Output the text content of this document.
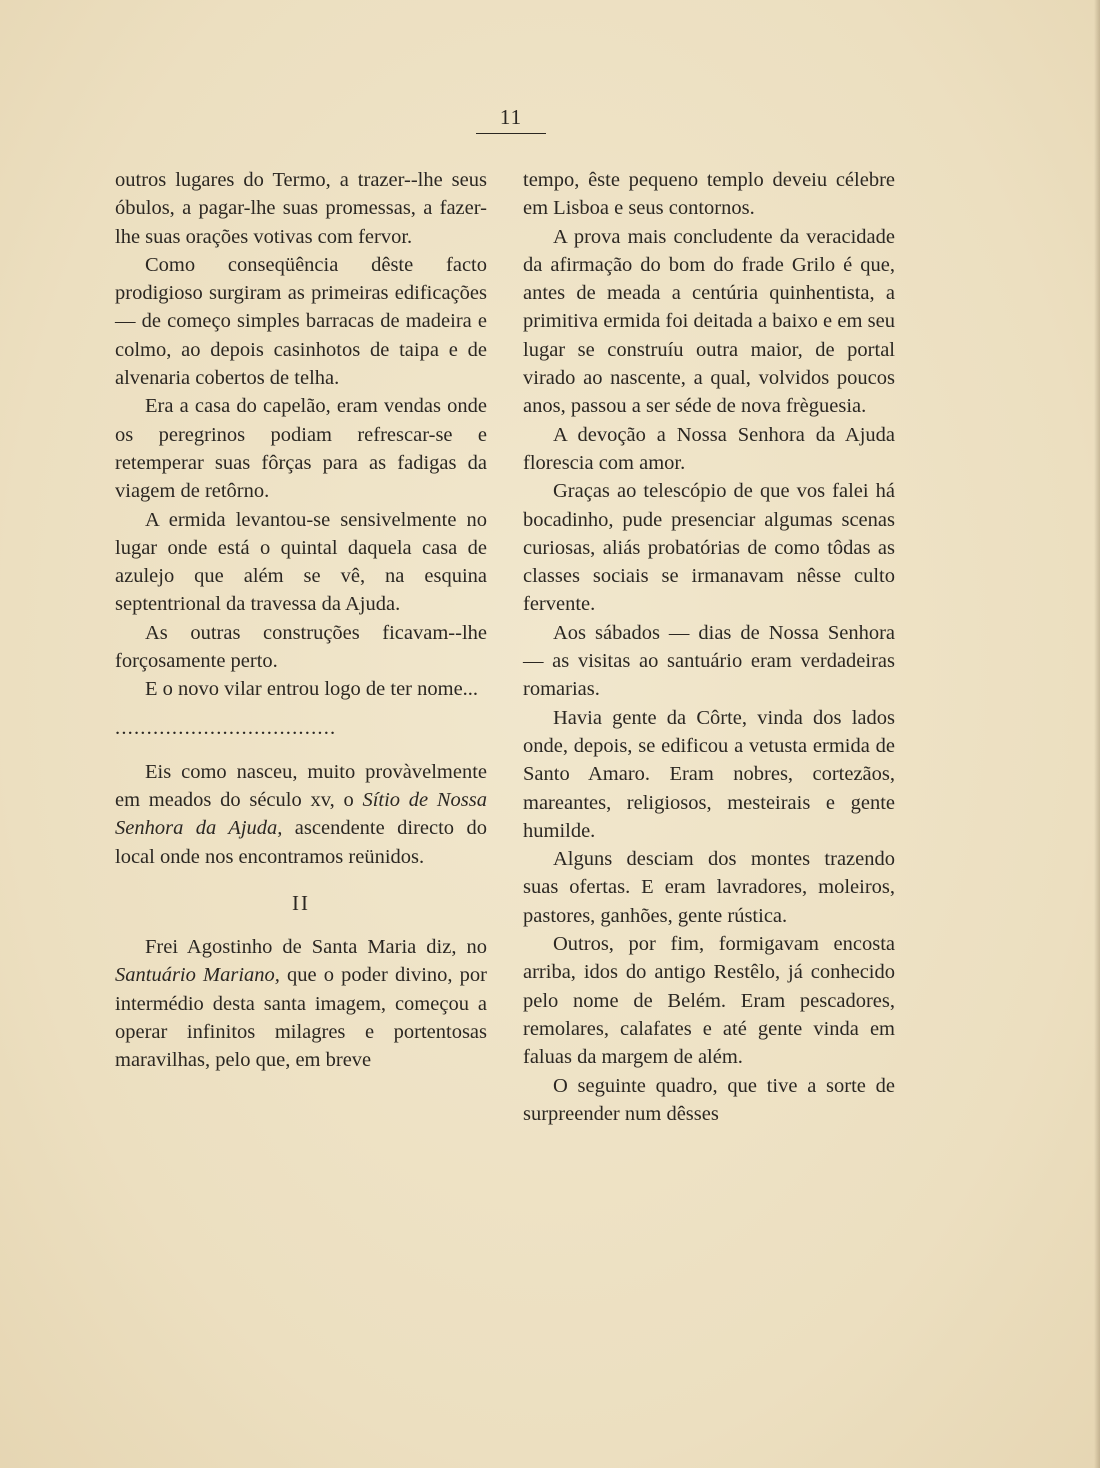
11

outros lugares do Termo, a trazer--lhe seus óbulos, a pagar-lhe suas promessas, a fazer-lhe suas orações votivas com fervor.

Como conseqüência dêste facto prodigioso surgiram as primeiras edificações — de começo simples barracas de madeira e colmo, ao depois casinhotos de taipa e de alvenaria cobertos de telha.

Era a casa do capelão, eram vendas onde os peregrinos podiam refrescar-se e retemperar suas fôrças para as fadigas da viagem de retôrno.

A ermida levantou-se sensivelmente no lugar onde está o quintal daquela casa de azulejo que além se vê, na esquina septentrional da travessa da Ajuda.

As outras construções ficavam--lhe forçosamente perto.

E o novo vilar entrou logo de ter nome...

...................................

Eis como nasceu, muito provàvelmente em meados do século xv, o Sítio de Nossa Senhora da Ajuda, ascendente directo do local onde nos encontramos reünidos.

II

Frei Agostinho de Santa Maria diz, no Santuário Mariano, que o poder divino, por intermédio desta santa imagem, começou a operar infinitos milagres e portentosas maravilhas, pelo que, em breve

tempo, êste pequeno templo deveiu célebre em Lisboa e seus contornos.

A prova mais concludente da veracidade da afirmação do bom do frade Grilo é que, antes de meada a centúria quinhentista, a primitiva ermida foi deitada a baixo e em seu lugar se construíu outra maior, de portal virado ao nascente, a qual, volvidos poucos anos, passou a ser séde de nova frèguesia.

A devoção a Nossa Senhora da Ajuda florescia com amor.

Graças ao telescópio de que vos falei há bocadinho, pude presenciar algumas scenas curiosas, aliás probatórias de como tôdas as classes sociais se irmanavam nêsse culto fervente.

Aos sábados — dias de Nossa Senhora — as visitas ao santuário eram verdadeiras romarias.

Havia gente da Côrte, vinda dos lados onde, depois, se edificou a vetusta ermida de Santo Amaro. Eram nobres, cortezãos, mareantes, religiosos, mesteirais e gente humilde.

Alguns desciam dos montes trazendo suas ofertas. E eram lavradores, moleiros, pastores, ganhões, gente rústica.

Outros, por fim, formigavam encosta arriba, idos do antigo Restêlo, já conhecido pelo nome de Belém. Eram pescadores, remolares, calafates e até gente vinda em faluas da margem de além.

O seguinte quadro, que tive a sorte de surpreender num dêsses
